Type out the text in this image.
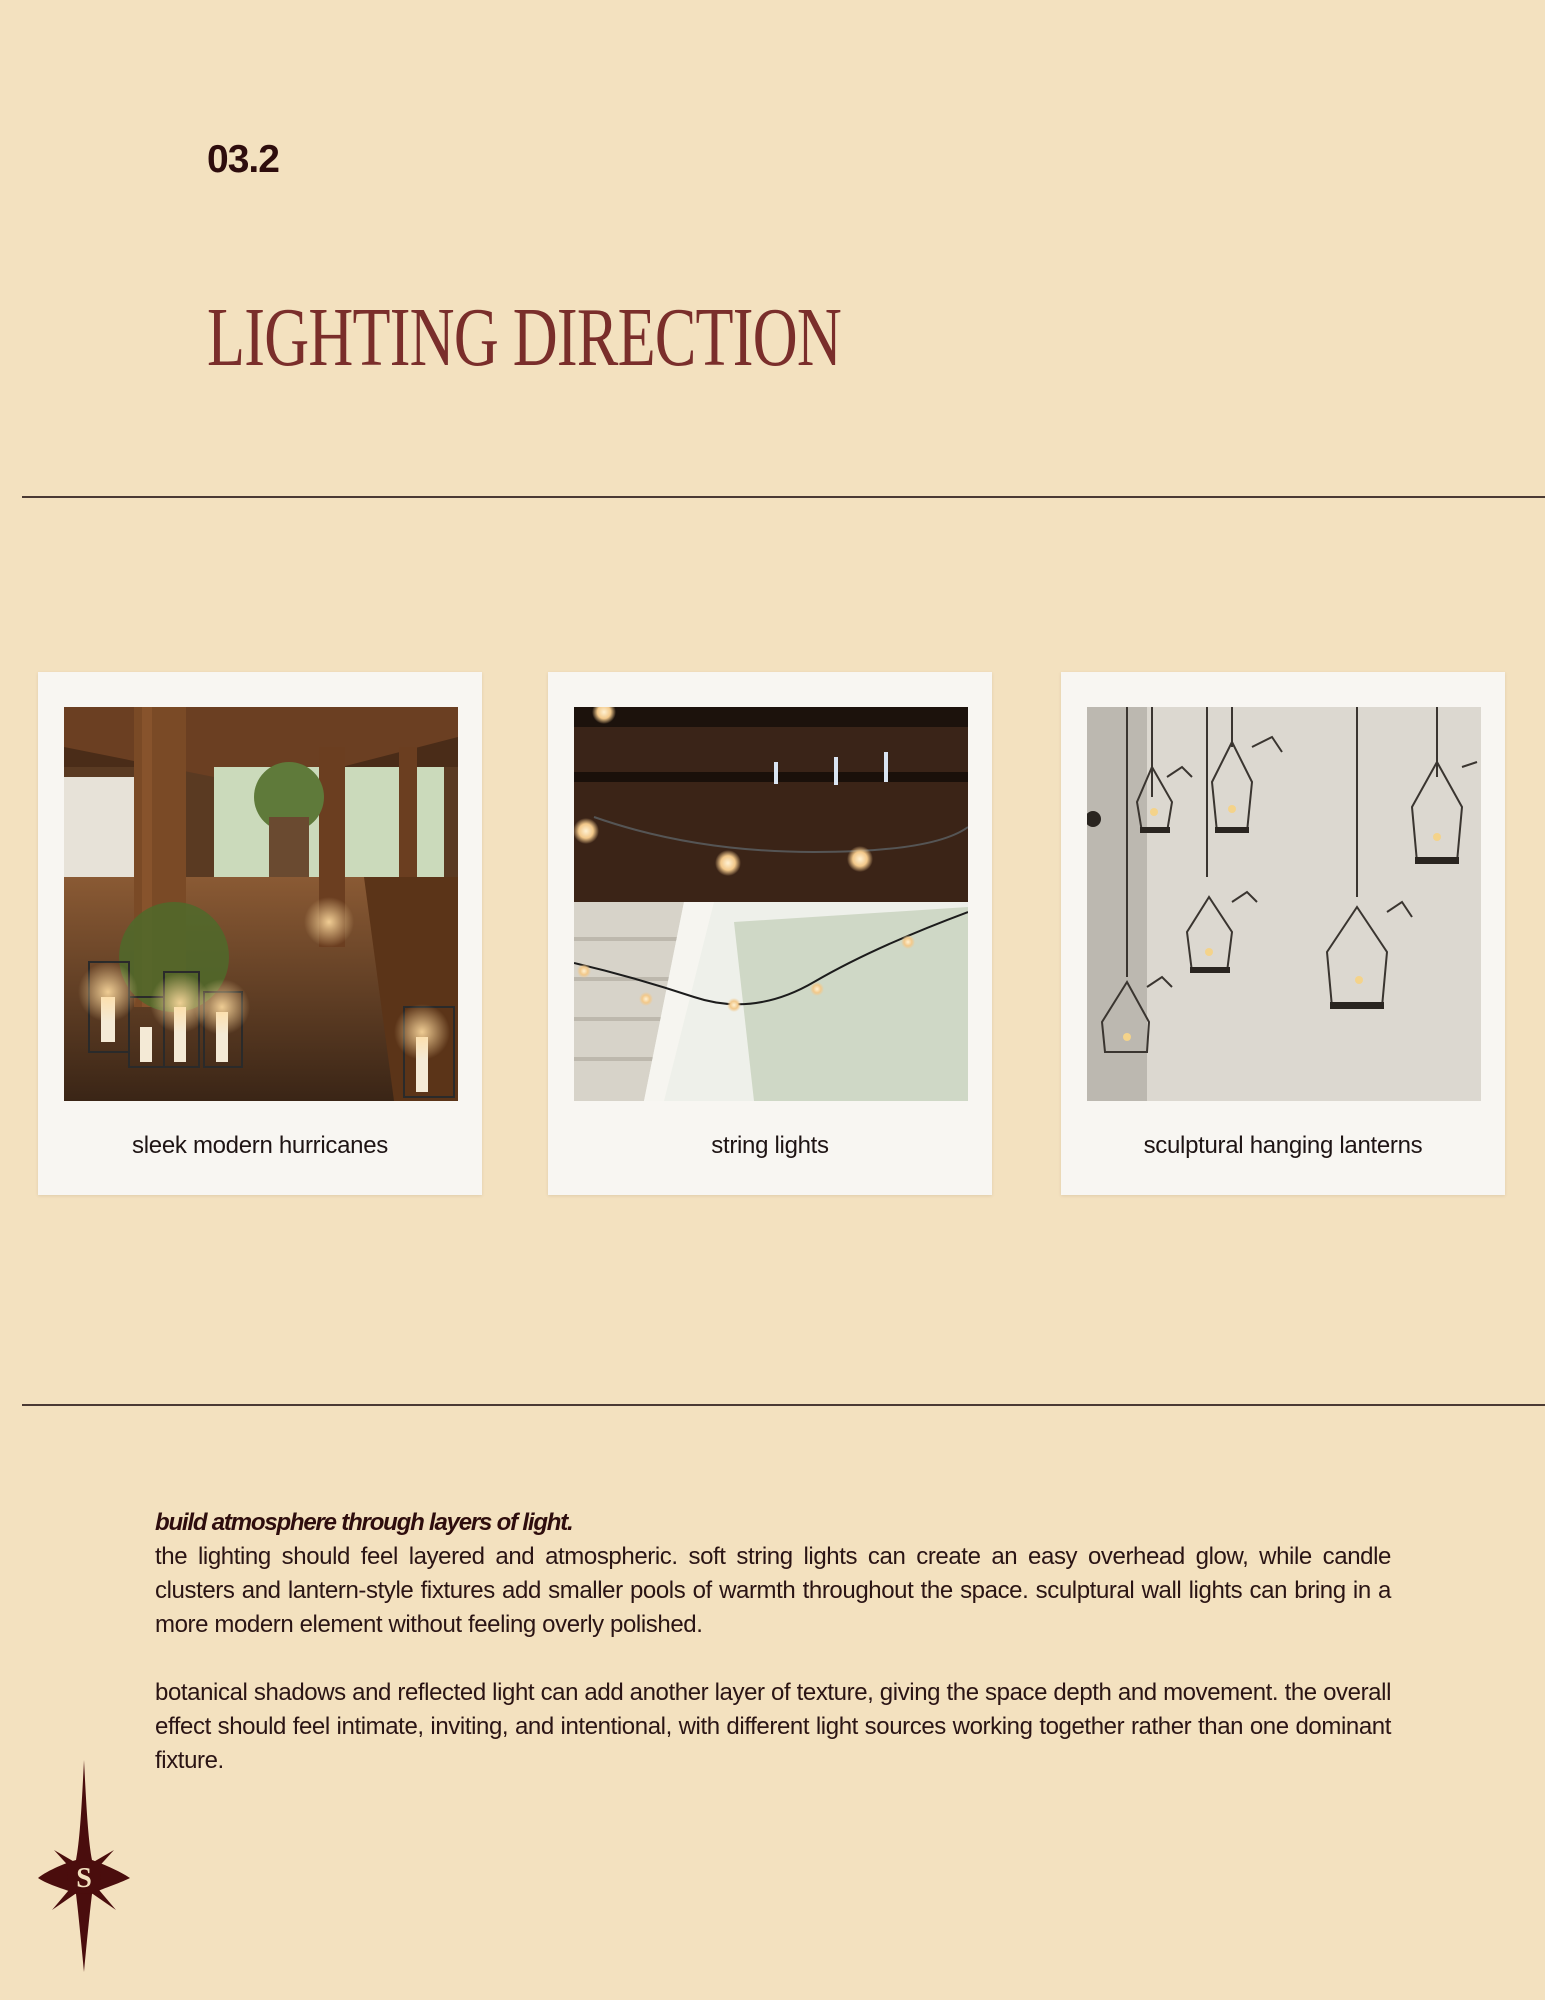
03.2
LIGHTING DIRECTION
sleek modern hurricanes	string lights	sculptural hanging lanterns
build atmosphere through layers of light.

the lighting should feel layered and atmospheric. soft string lights can create an easy overhead glow, while candle clusters and lantern-style fixtures add smaller pools of warmth throughout the space. sculptural wall lights can bring in a more modern element without feeling overly polished.

botanical shadows and reflected light can add another layer of texture, giving the space depth and movement. the overall effect should feel intimate, inviting, and intentional, with different light sources working together rather than one dominant fixture.

S
